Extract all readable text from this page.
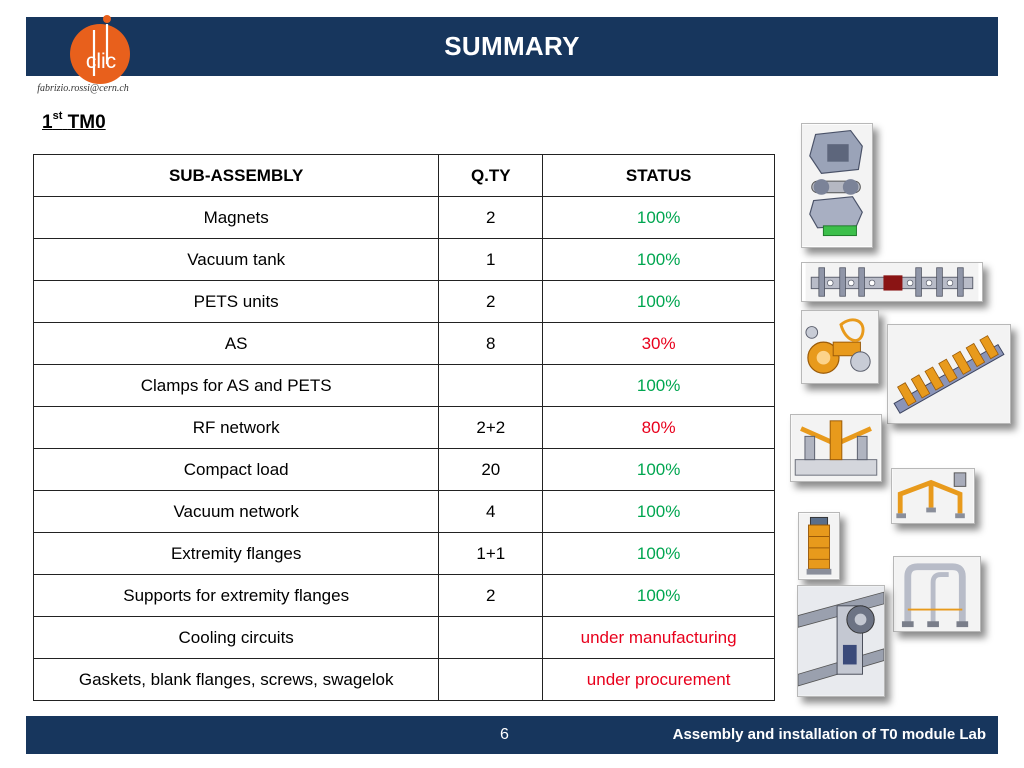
SUMMARY
clic
fabrizio.rossi@cern.ch
1st TM0
SUB-ASSEMBLY	Q.TY	STATUS
Magnets	2	100%
Vacuum tank	1	100%
PETS units	2	100%
AS	8	30%
Clamps for AS and PETS		100%
RF network	2+2	80%
Compact load	20	100%
Vacuum network	4	100%
Extremity flanges	1+1	100%
Supports for extremity flanges	2	100%
Cooling circuits		under manufacturing
Gaskets, blank flanges, screws, swagelok		under procurement
6	Assembly and installation of T0 module Lab
